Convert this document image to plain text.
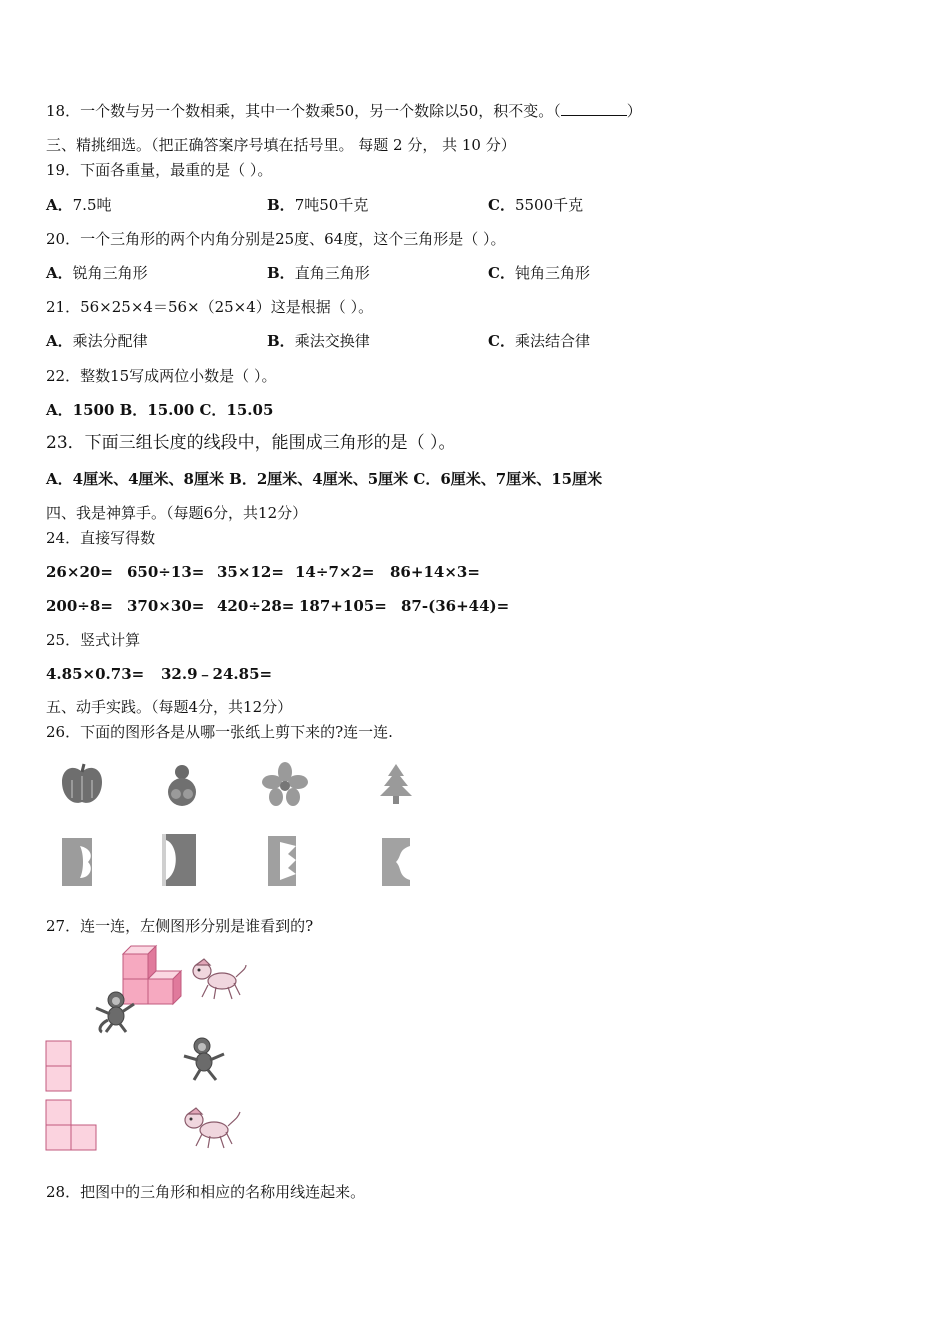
18．一个数与另一个数相乘，其中一个数乘50，另一个数除以50，积不变。（	）
三、精挑细选。（把正确答案序号填在括号里。 每题 2 分， 共 10 分）
19．下面各重量，最重的是（ ）。
A．7.5吨	B．7吨50千克	C．5500千克
20．一个三角形的两个内角分别是25度、64度，这个三角形是（ ）。
A．锐角三角形	B．直角三角形	C．钝角三角形
21．56×25×4＝56×（25×4）这是根据（ ）。
A．乘法分配律	B．乘法交换律	C．乘法结合律
22．整数15写成两位小数是（ ）。
A．1500 B．15.00 C．15.05
23．下面三组长度的线段中，能围成三角形的是（ ）。
A．4厘米、4厘米、8厘米 B．2厘米、4厘米、5厘米 C．6厘米、7厘米、15厘米
四、我是神算手。（每题6分，共12分）
24．直接写得数
26×20= 650÷13= 35×12= 14÷7×2= 86+14×3=
200÷8= 370×30= 420÷28= 187+105= 87-(36+44)=
25．竖式计算
4.85×0.73= 32.9﹣24.85=
五、动手实践。（每题4分，共12分）
26．下面的图形各是从哪一张纸上剪下来的?连一连.
27．连一连，左侧图形分别是谁看到的?
28．把图中的三角形和相应的名称用线连起来。
